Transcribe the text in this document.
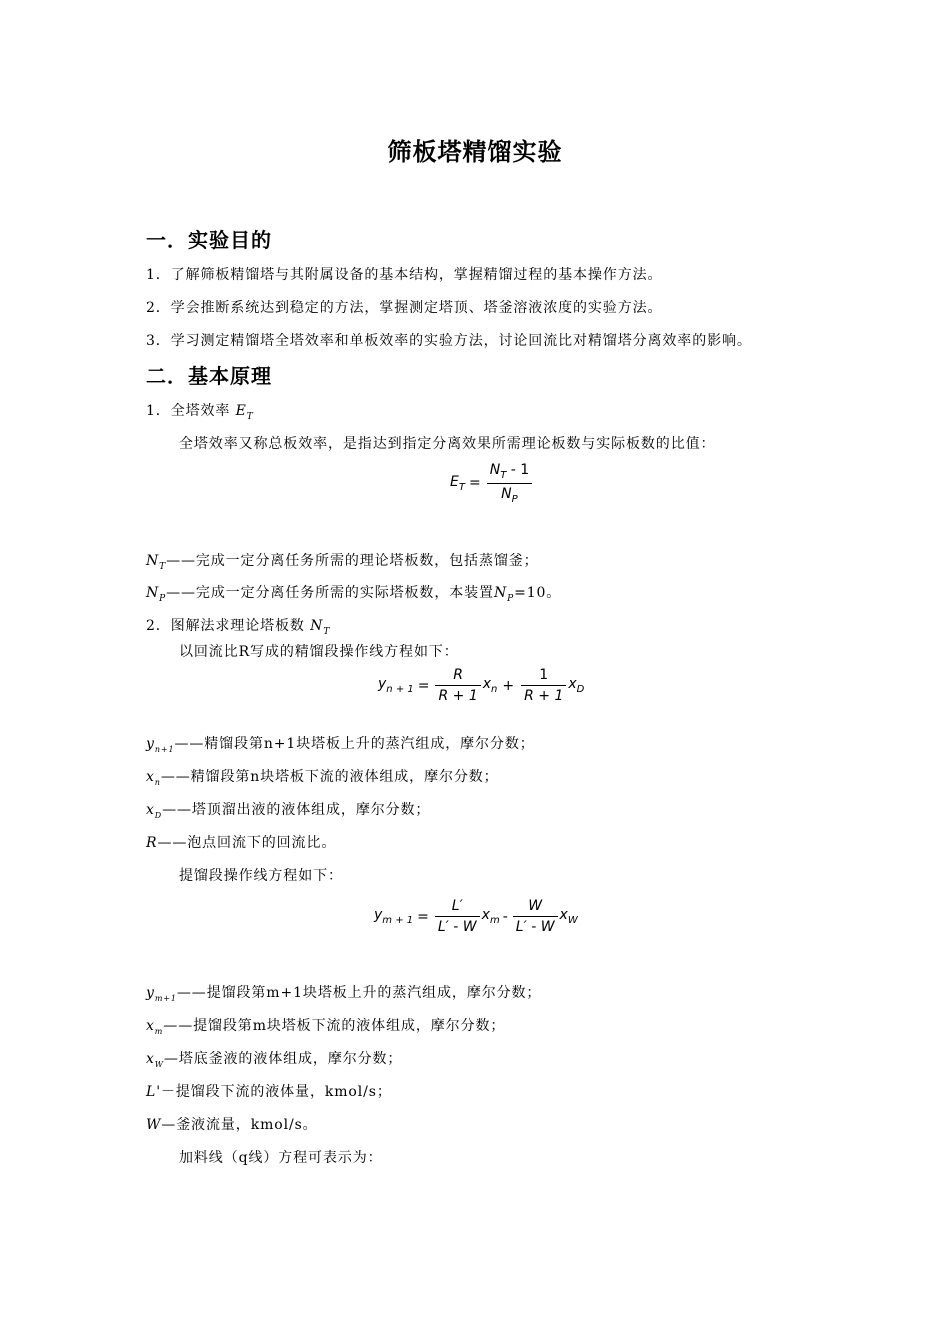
筛板塔精馏实验
一．实验目的
1．了解筛板精馏塔与其附属设备的基本结构，掌握精馏过程的基本操作方法。
2．学会推断系统达到稳定的方法，掌握测定塔顶、塔釜溶液浓度的实验方法。
3．学习测定精馏塔全塔效率和单板效率的实验方法，讨论回流比对精馏塔分离效率的影响。
二．基本原理
1．全塔效率 $E_T$
全塔效率又称总板效率，是指达到指定分离效果所需理论板数与实际板数的比值：
$E_T = \frac{N_T - 1}{N_P}$
$N_T——$完成一定分离任务所需的理论塔板数，包括蒸馏釜；
$N_P——$完成一定分离任务所需的实际塔板数，本装置$N_P=10$。
2．图解法求理论塔板数 $N_T$
以回流比R写成的精馏段操作线方程如下：
$y_{n + 1} = \frac{R}{R + 1} x_n + \frac{1}{R + 1} x_D$
$y_{n+1}——$精馏段第n+1块塔板上升的蒸汽组成，摩尔分数；
$x_n——$精馏段第n块塔板下流的液体组成，摩尔分数；
$x_D——$塔顶溜出液的液体组成，摩尔分数；
R——泡点回流下的回流比。
提馏段操作线方程如下：
$y_{m + 1} = \frac{L'}{L' - W} x_m - \frac{W}{L' - W} x_W$
$y_{m+1}——$提馏段第m+1块塔板上升的蒸汽组成，摩尔分数；
$x_m——$提馏段第m块塔板下流的液体组成，摩尔分数；
$x_W—$塔底釜液的液体组成，摩尔分数；
L'－提馏段下流的液体量，kmol/s；
W—釜液流量，kmol/s。
加料线（q线）方程可表示为：
